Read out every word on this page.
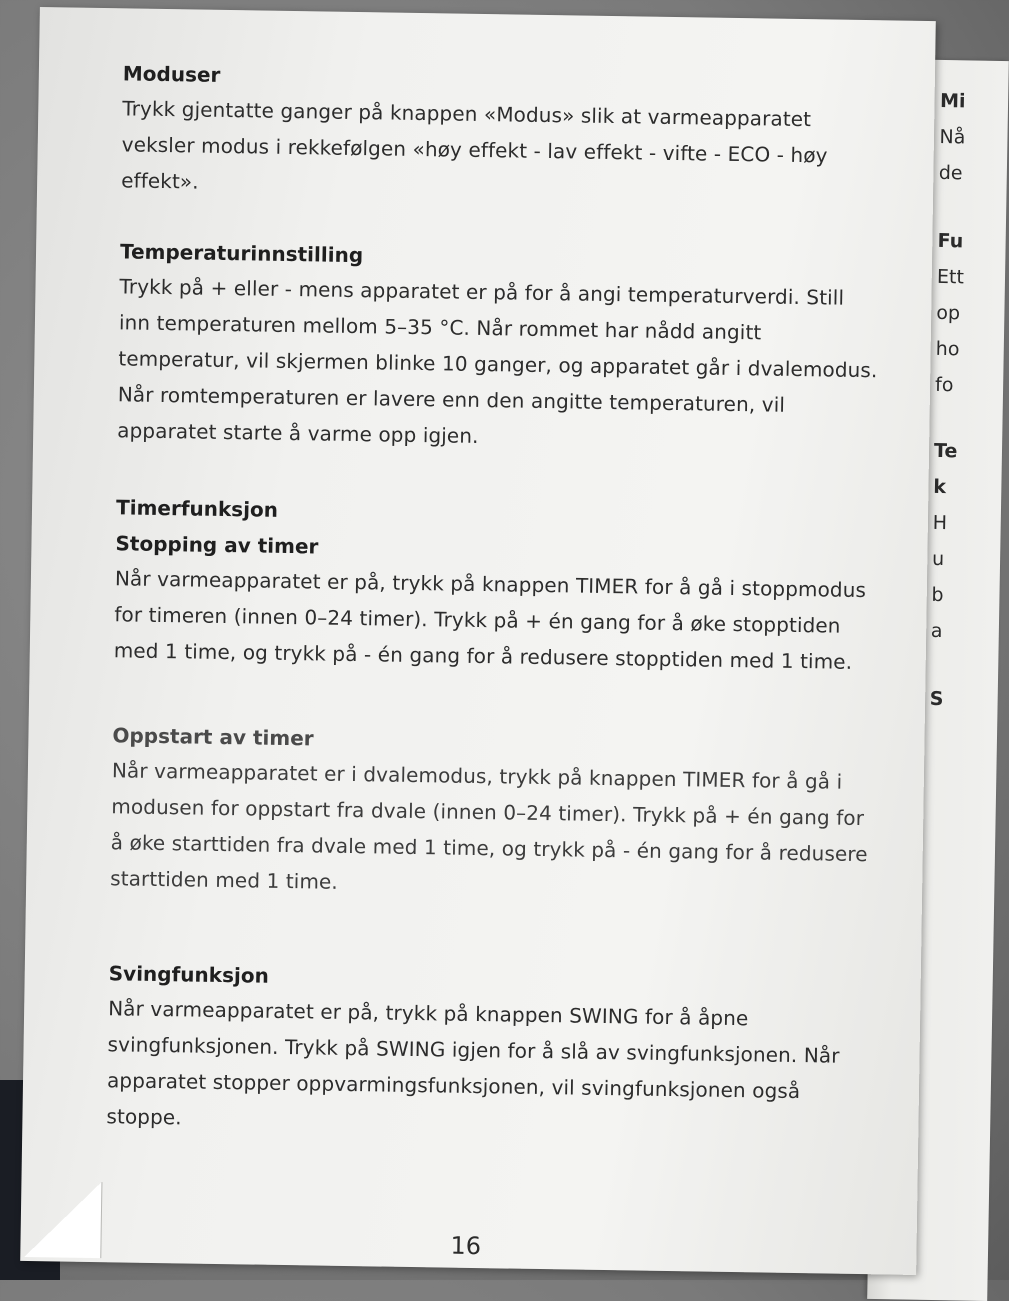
Mi
Nå
de
Fu
Ett
op
ho
fo
Te
k
H
u
b
a
S

Moduser

Trykk gjentatte ganger på knappen «Modus» slik at varmeapparatet veksler modus i rekkefølgen «høy effekt - lav effekt - vifte - ECO - høy effekt».

Temperaturinnstilling

Trykk på + eller - mens apparatet er på for å angi temperaturverdi. Still inn temperaturen mellom 5–35 °C. Når rommet har nådd angitt temperatur, vil skjermen blinke 10 ganger, og apparatet går i dvalemodus. Når romtemperaturen er lavere enn den angitte temperaturen, vil apparatet starte å varme opp igjen.

Timerfunksjon

Stopping av timer

Når varmeapparatet er på, trykk på knappen TIMER for å gå i stoppmodus for timeren (innen 0–24 timer). Trykk på + én gang for å øke stopptiden med 1 time, og trykk på - én gang for å redusere stopptiden med 1 time.

Oppstart av timer

Når varmeapparatet er i dvalemodus, trykk på knappen TIMER for å gå i modusen for oppstart fra dvale (innen 0–24 timer). Trykk på + én gang for å øke starttiden fra dvale med 1 time, og trykk på - én gang for å redusere starttiden med 1 time.

Svingfunksjon

Når varmeapparatet er på, trykk på knappen SWING for å åpne svingfunksjonen. Trykk på SWING igjen for å slå av svingfunksjonen. Når apparatet stopper oppvarmingsfunksjonen, vil svingfunksjonen også stoppe.

16
